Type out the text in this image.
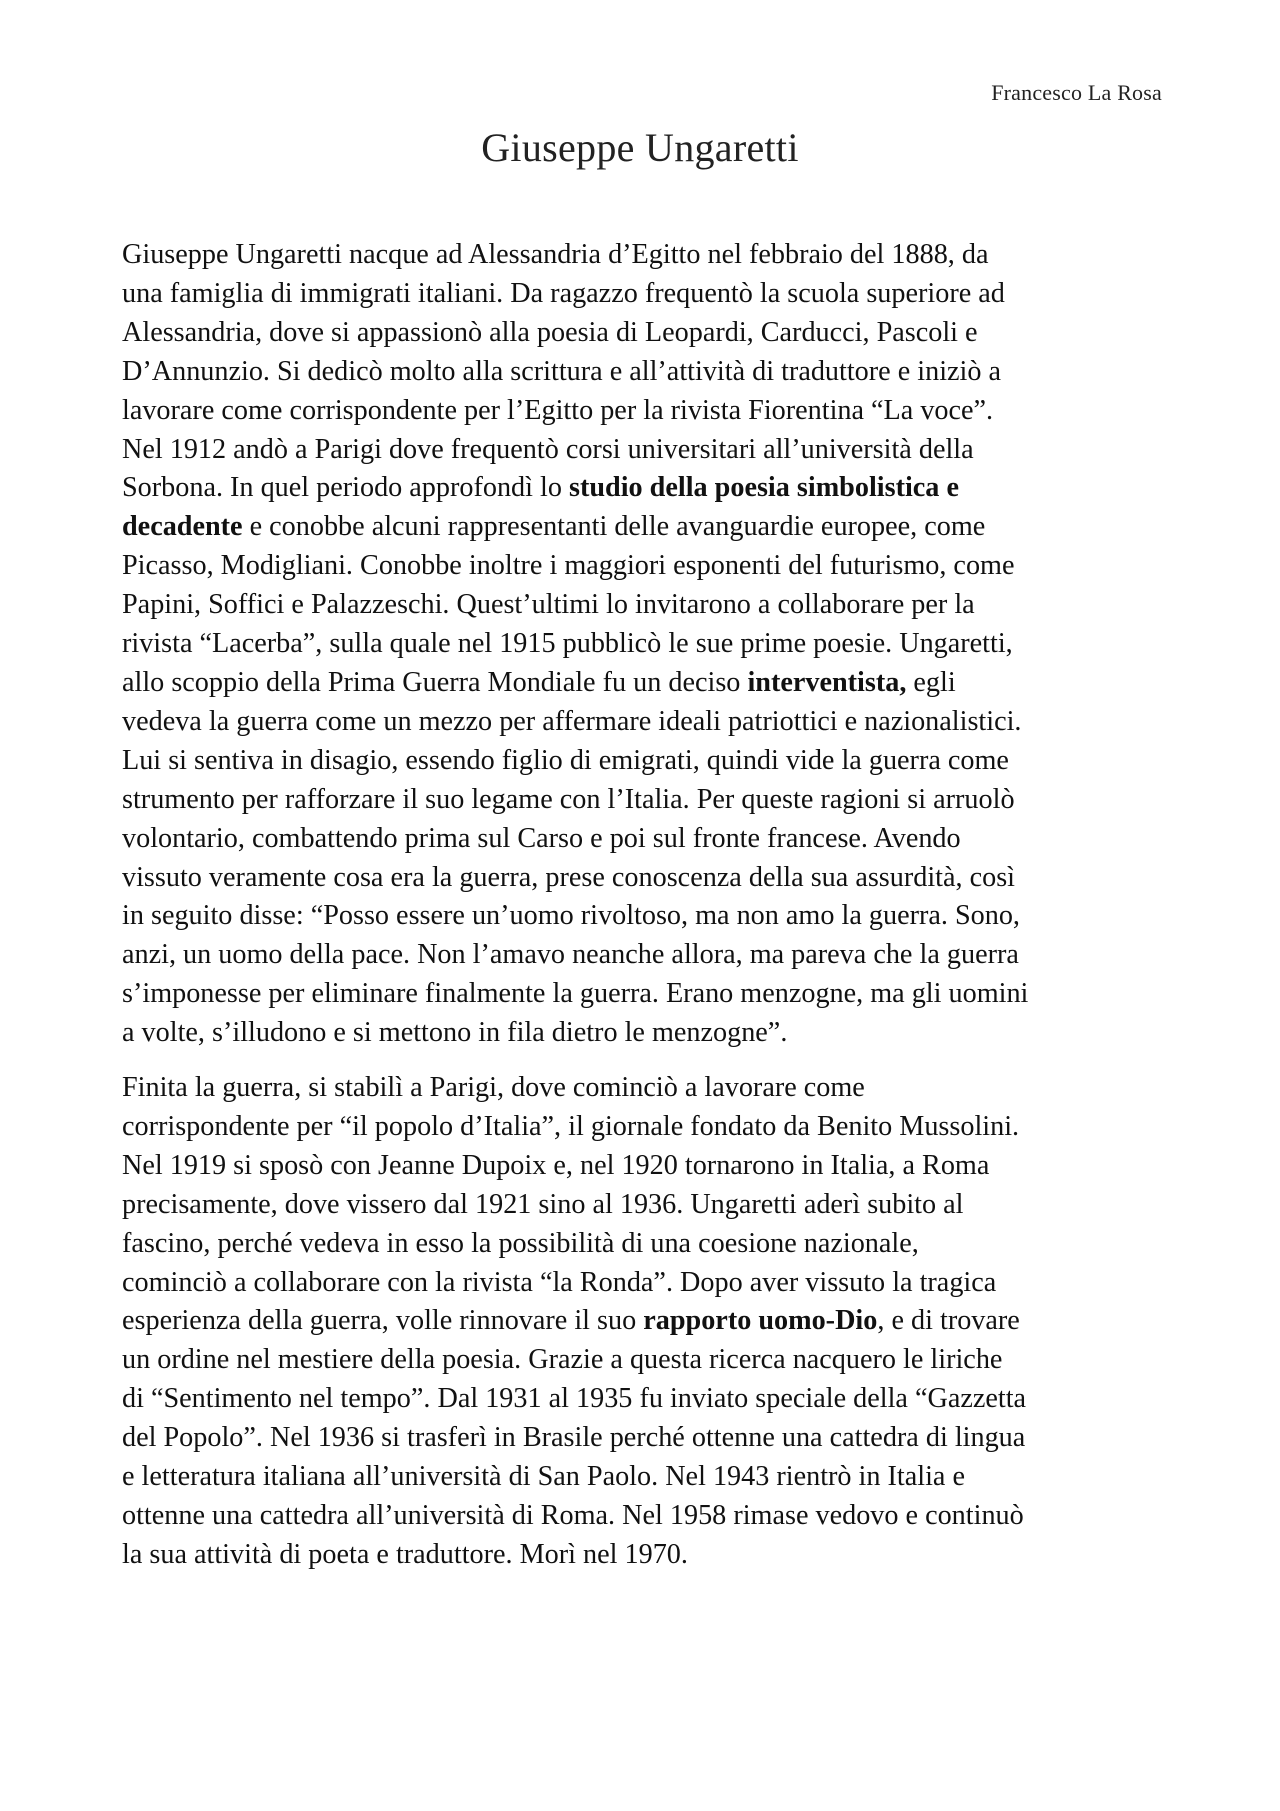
Francesco La Rosa
Giuseppe Ungaretti

Giuseppe Ungaretti nacque ad Alessandria d’Egitto nel febbraio del 1888, da
una famiglia di immigrati italiani. Da ragazzo frequentò la scuola superiore ad
Alessandria, dove si appassionò alla poesia di Leopardi, Carducci, Pascoli e
D’Annunzio. Si dedicò molto alla scrittura e all’attività di traduttore e iniziò a
lavorare come corrispondente per l’Egitto per la rivista Fiorentina “La voce”.
Nel 1912 andò a Parigi dove frequentò corsi universitari all’università della
Sorbona. In quel periodo approfondì lo studio della poesia simbolistica e
decadente e conobbe alcuni rappresentanti delle avanguardie europee, come
Picasso, Modigliani. Conobbe inoltre i maggiori esponenti del futurismo, come
Papini, Soffici e Palazzeschi. Quest’ultimi lo invitarono a collaborare per la
rivista “Lacerba”, sulla quale nel 1915 pubblicò le sue prime poesie. Ungaretti,
allo scoppio della Prima Guerra Mondiale fu un deciso interventista, egli
vedeva la guerra come un mezzo per affermare ideali patriottici e nazionalistici.
Lui si sentiva in disagio, essendo figlio di emigrati, quindi vide la guerra come
strumento per rafforzare il suo legame con l’Italia. Per queste ragioni si arruolò
volontario, combattendo prima sul Carso e poi sul fronte francese. Avendo
vissuto veramente cosa era la guerra, prese conoscenza della sua assurdità, così
in seguito disse: “Posso essere un’uomo rivoltoso, ma non amo la guerra. Sono,
anzi, un uomo della pace. Non l’amavo neanche allora, ma pareva che la guerra
s’imponesse per eliminare finalmente la guerra. Erano menzogne, ma gli uomini
a volte, s’illudono e si mettono in fila dietro le menzogne”.

Finita la guerra, si stabilì a Parigi, dove cominciò a lavorare come
corrispondente per “il popolo d’Italia”, il giornale fondato da Benito Mussolini.
Nel 1919 si sposò con Jeanne Dupoix e, nel 1920 tornarono in Italia, a Roma
precisamente, dove vissero dal 1921 sino al 1936. Ungaretti aderì subito al
fascino, perché vedeva in esso la possibilità di una coesione nazionale,
cominciò a collaborare con la rivista “la Ronda”. Dopo aver vissuto la tragica
esperienza della guerra, volle rinnovare il suo rapporto uomo-Dio, e di trovare
un ordine nel mestiere della poesia. Grazie a questa ricerca nacquero le liriche
di “Sentimento nel tempo”. Dal 1931 al 1935 fu inviato speciale della “Gazzetta
del Popolo”. Nel 1936 si trasferì in Brasile perché ottenne una cattedra di lingua
e letteratura italiana all’università di San Paolo. Nel 1943 rientrò in Italia e
ottenne una cattedra all’università di Roma. Nel 1958 rimase vedovo e continuò
la sua attività di poeta e traduttore. Morì nel 1970.
